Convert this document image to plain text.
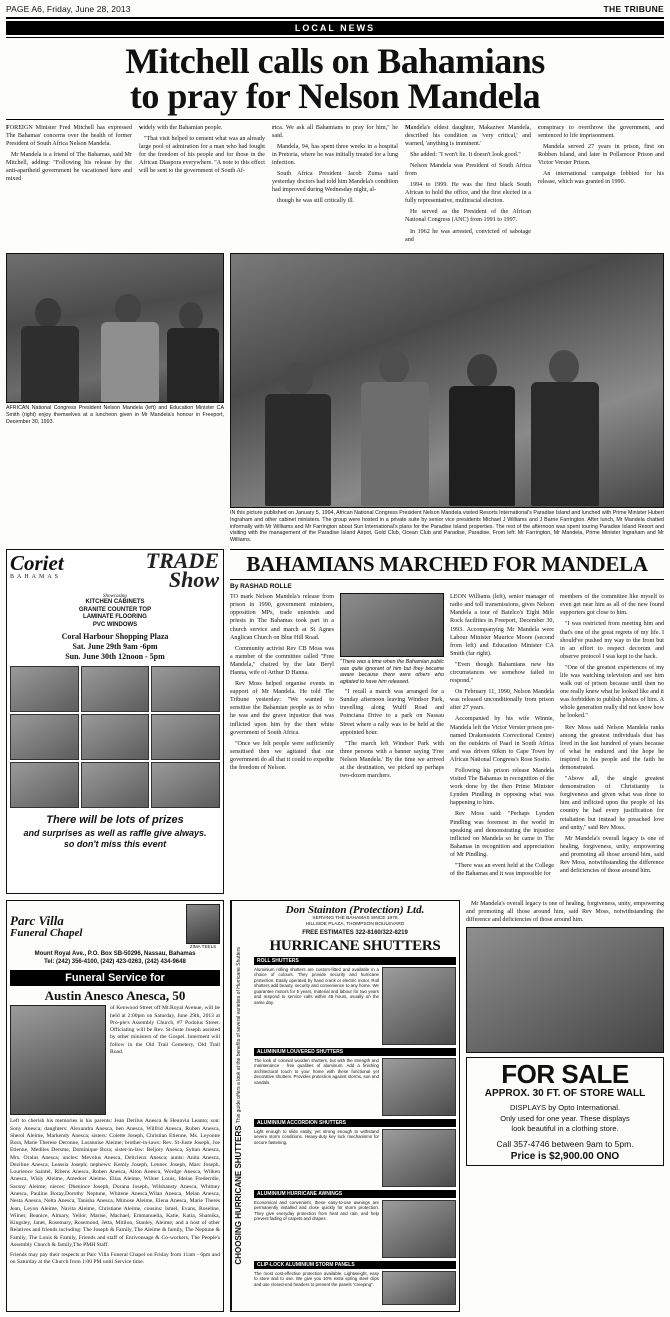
PAGE A6, Friday, June 28, 2013	THE TRIBUNE
LOCAL NEWS
Mitchell calls on Bahamians
to pray for Nelson Mandela

FOREIGN Minister Fred Mitchell has expressed The Bahamas' concerns over the health of former President of South Africa Nelson Mandela.

Mr Mandela is a friend of The Bahamas, said Mr Mitchell, adding: "Following his release by the anti-apartheid government he vacationed here and mixed

widely with the Bahamian people.

"That visit helped to cement what was an already large pool of admiration for a man who had fought for the freedom of his people and for those in the African Diaspora everywhere. "A note to this effect will be sent to the government of South Af-

rica. We ask all Bahamians to pray for him," he said.

Mandela, 94, has spent three weeks in a hospital in Pretoria, where he was initially treated for a lung infection.

South Africa President Jacob Zuma said yesterday doctors had told him Mandela's condition had improved during Wednesday night, al-

though he was still critically ill.

Mandela's eldest daughter, Makaziwe Mandela, described his condition as 'very critical,' and warned, 'anything is imminent.'

She added: "I won't lie. It doesn't look good."

Nelson Mandela was President of South Africa from

1994 to 1999. He was the first black South African to hold the office, and the first elected in a fully representative, multiracial election.

He served as the President of the African National Congress (ANC) from 1991 to 1997.

In 1962 he was arrested, convicted of sabotage and

conspiracy to overthrow the government, and sentenced to life imprisonment.

Mandela served 27 years in prison, first on Robben Island, and later in Pollsmoor Prison and Victor Verster Prison.

An international campaign lobbied for his release, which was granted in 1990.

AFRICAN National Congress President Nelson Mandela (left) and Education Minister CA Smith (right) enjoy themselves at a luncheon given in Mr Mandela's honour in Freeport, December 30, 1993.
IN this picture published on January 5, 1994, African National Congress President Nelson Mandela visited Resorts International's Paradise Island and lunched with Prime Minister Hubert Ingraham and other cabinet ministers. The group were hosted in a private suite by senior vice presidents Michael J Williams and J Barrie Farrington. After lunch, Mr Mandela chatted informally with Mr Williams and Mr Farrington about Sun International's plans for the Paradise Island properties. The rest of the afternoon was spent touring Paradise Island Resort and visiting with the management of the Paradise Island Airpot, Gold Club, Ocean Club and Paradise, Paradise. From left: Mr Farrington, Mr Mandela, Prime Minister Ingraham and Mr Williams.
Coriet
BAHAMAS
TRADE
Show
Showcasing
KITCHEN CABINETS
GRANITE COUNTER TOP
LAMINATE FLOORING
PVC WINDOWS
Coral Harbour Shopping Plaza
Sat. June 29th 9am -6pm
Sun. June 30th 12noon - 5pm
There will be lots of prizes
and surprises as well as raffle give always.
so don't miss this event
BAHAMIANS MARCHED FOR MANDELA
By RASHAD ROLLE

TO mark Nelson Mandela's release from prison in 1990, government ministers, opposition MPs, trade unionists and priests in The Bahamas took part in a church service and march at St Agnes Anglican Church on Blue Hill Road.

Community activist Rev CB Moss was a member of the committee called "Free Mandela," chaired by the late Beryl Hanna, wife of Arthur D Hanna.

Rev Moss helped organise events in support of Mr Mandela. He told The Tribune yesterday: "We wanted to sensitise the Bahamian people as to who he was and the grave injustice that was inflicted upon him by the then white government of South Africa.

"Once we felt people were sufficiently sensitised then we agitated that our government do all that it could to expedite the freedom of Nelson.

"There was a time when the Bahamian public was quite ignorant of him but they became aware because there were others who agitated to have him released.

"I recall a march was arranged for a Sunday afternoon leaving Windsor Park, travelling along Wulff Road and Poinciana Drive to a park on Nassau Street where a rally was to be held at the appointed hour.

"The march left Windsor Park with three persons with a banner saying 'Free Nelson Mandela.' By the time we arrived at the destination, we picked up perhaps two-dozen marchers.

LEON Williams (left), senior manager of radio and toll transmissions, gives Nelson Mandela a tour of Batelco's Eight Mile Rock facilities in Freeport, December 30, 1993. Accompanying Mr Mandela were Labour Minister Maurice Moore (second from left) and Education Minister CA Smith (far right).

"Even though Bahamians new his circumstances we somehow failed to respond."

On February 11, 1990, Nelson Mandela was released unconditionally from prison after 27 years.

Accompanied by his wife Winnie, Mandela left the Victor Verster prison pre-named Drakensstein Correctional Centre) on the outskirts of Paarl in South Africa and was driven 60km to Cape Town by African National Congress's Rose Sosito.

Following his prison release Mandela visited The Bahamas in recognition of the work done by the then Prime Minister Lynden Pindling in opposing what was happening to him.

Rev Moss said: "Perhaps Lynden Pindling was foremost in the world in speaking and demonstrating the injustice inflicted on Mandela so he came to The Bahamas in recognition and appreciation of Mr Pindling.

"There was an event held at the College of the Bahamas and it was impossible for

members of the committee like myself to even get near him as all of the new found supporters got close to him.

"I was restricted from meeting him and that's one of the great regrets of my life. I should've pushed my way to the front but in an effort to respect decorum and observe protocol I was kept to the back.

"One of the greatest experiences of my life was watching television and see him walk out of prison because until then no one really knew what he looked like and it was forbidden to publish photos of him. A whole generation really did not know how he looked."

Rev Moss said Nelson Mandela ranks among the greatest individuals that has lived in the last hundred of years because of what he endured and the hope he inspired in his people and the faith he demonstrated.

"Above all, the single greatest demonstration of Christianity is forgiveness and given what was done to him and inflicted upon the people of his country he had every justification for retaliation but instead he preached love and unity," said Rev Moss.

Mr Mandela's overall legacy is one of healing, forgiveness, unity, empowering and promoting all those around him, said Rev Moss, notwithstanding the difference and deficiencies of those around him.

Parc Villa
Funeral Chapel
ZIMA TEELS
Mount Royal Ave., P.O. Box SB-50296, Nassau, Bahamas
Tel: (242) 356-4100, (242) 423-0263, (242) 434-9648
Funeral Service for
Austin Anesco Anesca, 50
of Kenwood Street off Mt.Royal Avenue, will be held at 2:00pm on Saturday, June 29th, 2013 at Pro-ple's Assembly Church, #7 Podolus Street. Officiating will be Rev. St-Juste Joseph assisted by other ministers of the Gospel. Interment will follow in the Old Trail Cemetery, Old Trail Road.
Left to cherish his memories is his parents: Jean Derilus Anesca & Heunvia Leanto; son: Sony Anesca; daughters: Alexandra Anesca, ben Anesca, Wilfrid Anesca, Ruben Anesca, Sherol Aleime, Markendy Anesca; sisters: Colette Joseph, Christian Etienne, Ms. Leyonne Bora, Marie Therese Deronne, Lorannise Aleime; brother-in-laws: Rev. St-Juste Joseph, Joe Etienne, Mediles Dersme, Dominique Bora; sister-in-law: Beljory Anesca, Syltan Anesca, Mrs. Oralus Anesca; uncles: Mevolus Anesca, Delicieux Anesca; aunts: Anita Anesca, Deziline Anesca, Leassia Joseph; nephews: Kemly Joseph, Lennec Joseph, Marc Joseph, Lourience Saintel, Ribens Anesca, Roben Anesca, Alton Anesca, Wordge Anesca, Wilken Anesca, Wisly Aleime, Amedcer Aleime, Elias Aleime, Wilner Louis, Idelan Frederrdie, Sacsny Aleime; nieces: Dhenince Joseph, Dorana Joseph, Wilshansty Anesca, Whitney Anesca, Pauline Boray,Dorothy Neptune, Whitene Anesca,Wilan Anesca, Melan Anesca, Nesta Anesca, Nelta Anesca, Tanisha Anesca, Mimose Aleime, Elena Anesca, Marie Theres Jean, Leyon Aleime, Navita Aleime, Christiane Aleime, cousins: Ismel, Evans, Roseline, Wilner, Beanice, Almary, Yellor, Marise, Machael, Emmanuella, Katie, Katia, Shamika, Kingsley, Janet, Rosemary, Rosemond, Jetta, Mitilon, Stanley, Aleime; and a host of other Relatives and friends including: The Joseph & Family, The Aleime & family, The Neptune & Family, The Louis & Family, Friends and staff of Enrivonsage & Co-workers, The People's Assembly Church & family,The PMH Staff.
Friends may pay their respects at Parc Villa Funeral Chapel on Friday from 11am - 6pm and on Saturday at the Church from 1:00 PM until Service time.	CHOOSING HURRICANE SHUTTERS This guide offers a look at the benefits of several varieties of Hurricane Shutters
Don Stainton (Protection) Ltd.
SERVING THE BAHAMAS SINCE 1978
HILLSIDE PLAZA, THOMPSON BOULEVARD
FREE ESTIMATES 322-8160/322-8219
HURRICANE SHUTTERS
ROLL SHUTTERS

Aluminium rolling shutters are custom-fitted and available in a choice of colours. They provide security and hurricane protection. Easily operated by hand crank or electric motor, Roll shutters add beauty, security and convenience to any home. We guarantee motors for 5 years, material and labour for two years and respond to service calls within 48 hours, usually on the same day.

ALUMINIUM LOUVERED SHUTTERS

The look of colonial wooden shutters, but with the strength and maintenance - free qualities of aluminum. Add a finishing architectural touch to your home with these functional yet decorative shutters. Provides protection against storms, sun and vandals.

ALUMINIUM ACCORDION SHUTTERS

Light enough to slide easily, yet strong enough to withstand severe storm conditions. Heavy-duty key lock mechanisms for secure fastening.

ALUMINIUM HURRICANE AWNINGS

Economical and convenient, these easy-to-use awnings are permanently installed and close quickly for storm protection. They give everyday protection from heat and rain, and help prevent fading of carpets and drapes.

CLIP-LOCK ALUMINIUM STORM PANELS

The most cost-effective protection available. Lightweight, easy to store and to use. We give you 10% extra spring steel clips and use closed-end headers to prevent the panels "creeping".

Mr Mandela's overall legacy is one of healing, forgiveness, unity, empowering and promoting all those around him, said Rev Moss, notwithstanding the difference and deficiencies of those around him.

FOR SALE
APPROX. 30 FT. OF STORE WALL
DISPLAYS by Opto International.
Only used for one year. These displays
look beautiful in a clothing store.
Call 357-4746 between 9am to 5pm.
Price is $2,900.00 ONO
